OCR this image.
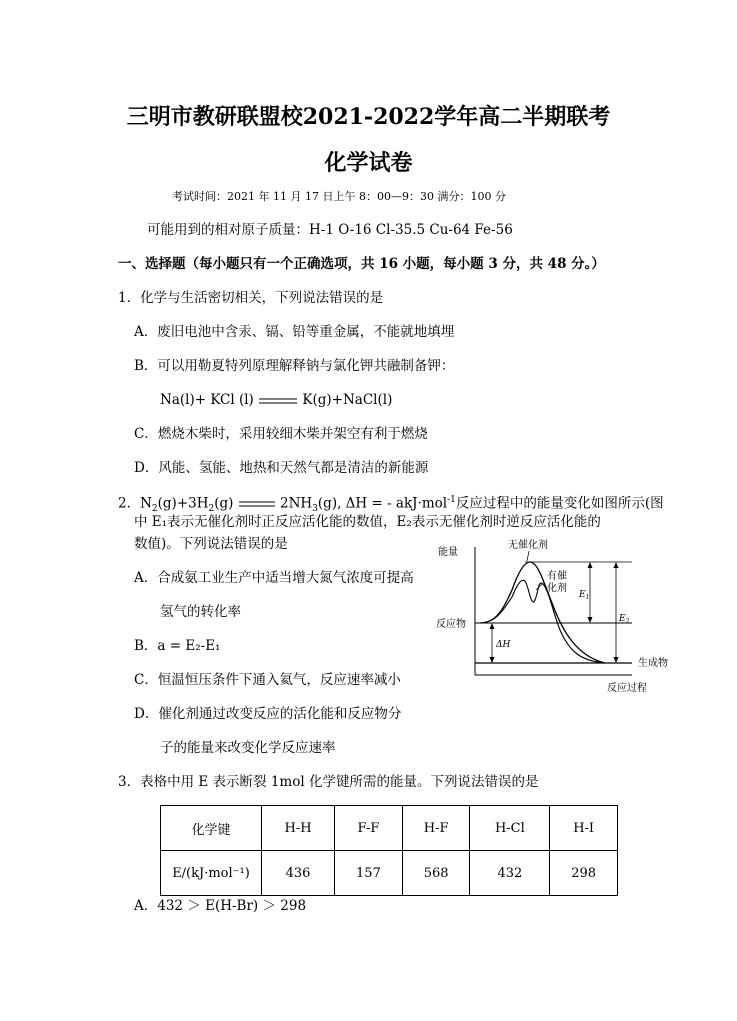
三明市教研联盟校2021-2022学年高二半期联考
化学试卷
考试时间：2021 年 11 月 17 日上午 8：00—9：30 满分：100 分
可能用到的相对原子质量：H-1 O-16 Cl-35.5 Cu-64 Fe-56
一、选择题（每小题只有一个正确选项，共 16 小题，每小题 3 分，共 48 分。）
1．化学与生活密切相关，下列说法错误的是
A．废旧电池中含汞、镉、铅等重金属，不能就地填埋
B．可以用勒夏特列原理解释钠与氯化钾共融制备钾：
Na(l)+ KCl (l)	K(g)+NaCl(l)
C．燃烧木柴时，采用较细木柴并架空有利于燃烧
D．风能、氢能、地热和天然气都是清洁的新能源
2．$N_2(g)+3H_2(g)$	$2NH_3(g)$, ΔH = - akJ·mol$^{-1}$反应过程中的能量变化如图所示(图
中 E₁表示无催化剂时正反应活化能的数值，E₂表示无催化剂时逆反应活化能的
数值)。下列说法错误的是
A．合成氨工业生产中适当增大氮气浓度可提高
氢气的转化率
B．a = E₂-E₁
C．恒温恒压条件下通入氦气，反应速率减小
D．催化剂通过改变反应的活化能和反应物分
子的能量来改变化学反应速率
能量
无催化剂
有催
化剂
反应物
生成物
反应过程
ΔH
$E_1$
$E_2$
3．表格中用 E 表示断裂 1mol 化学键所需的能量。下列说法错误的是
化学键	H-H	F-F	H-F	H-Cl	H-I
E/(kJ·mol⁻¹)	436	157	568	432	298
A．432 ＞ E(H-Br) ＞ 298
